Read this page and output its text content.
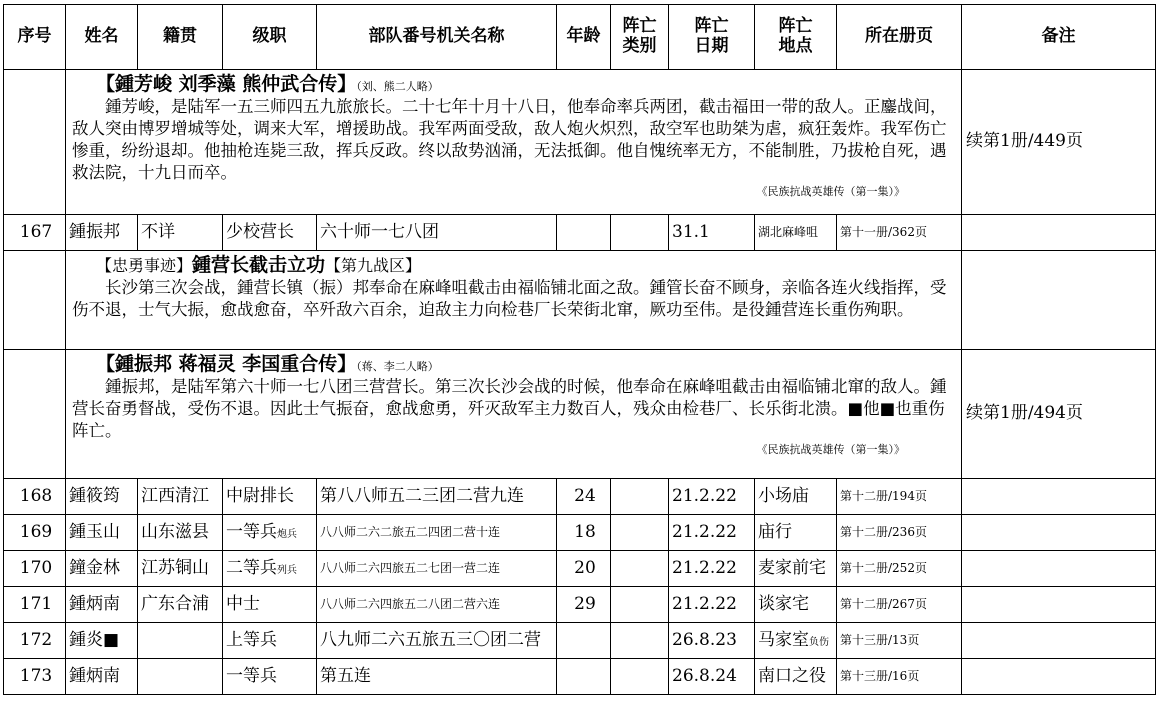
序号	姓名	籍贯	级职	部队番号机关名称	年龄	阵亡类别	阵亡日期	阵亡地点	所在册页	备注

	【鍾芳峻 刘季藻 熊仲武合传】（刘、熊二人略）

鍾芳峻，是陆军一五三师四五九旅旅长。二十七年十月十八日，他奉命率兵两团，截击福田一带的敌人。正鏖战间，敌人突由博罗增城等处，调来大军，增援助战。我军两面受敌，敌人炮火炽烈，敌空军也助桀为虐，疯狂轰炸。我军伤亡惨重，纷纷退却。他抽枪连毙三敌，挥兵反政。终以敌势汹涌，无法抵御。他自愧统率无方，不能制胜，乃拔枪自死，遇救法院，十九日而卒。

《民族抗战英雄传（第一集）》									续第1册/449页
167	鍾振邦	不详	少校营长	六十师一七八团			31.1	湖北麻峰咀	第十一册/362页	

	【忠勇事迹】鍾营长截击立功【第九战区】

长沙第三次会战，鍾营长镇（振）邦奉命在麻峰咀截击由福临铺北面之敌。鍾管长奋不顾身，亲临各连火线指挥，受伤不退，士气大振，愈战愈奋，卒歼敌六百余，迫敌主力向检巷厂长荣街北窜，厥功至伟。是役鍾营连长重伤殉职。									

	【鍾振邦 蒋福灵 李国重合传】（蒋、李二人略）

鍾振邦，是陆军第六十师一七八团三营营长。第三次长沙会战的时候，他奉命在麻峰咀截击由福临铺北窜的敌人。鍾营长奋勇督战，受伤不退。因此士气振奋，愈战愈勇，歼灭敌军主力数百人，残众由检巷厂、长乐街北溃。■他■也重伤阵亡。

《民族抗战英雄传（第一集）》									续第1册/494页
168	鍾筱筠	江西清江	中尉排长	第八八师五二三团二营九连	24		21.2.22	小场庙	第十二册/194页	
169	鍾玉山	山东滋县	一等兵炮兵	八八师二六二旅五二四团二营十连	18		21.2.22	庙行	第十二册/236页	
170	鐘金林	江苏铜山	二等兵列兵	八八师二六四旅五二七团一营二连	20		21.2.22	麦家前宅	第十二册/252页	
171	鍾炳南	广东合浦	中士	八八师二六四旅五二八团二营六连	29		21.2.22	谈家宅	第十二册/267页	
172	鍾炎■		上等兵	八九师二六五旅五三〇团二营			26.8.23	马家室负伤	第十三册/13页	
173	鍾炳南		一等兵	第五连			26.8.24	南口之役	第十三册/16页	
